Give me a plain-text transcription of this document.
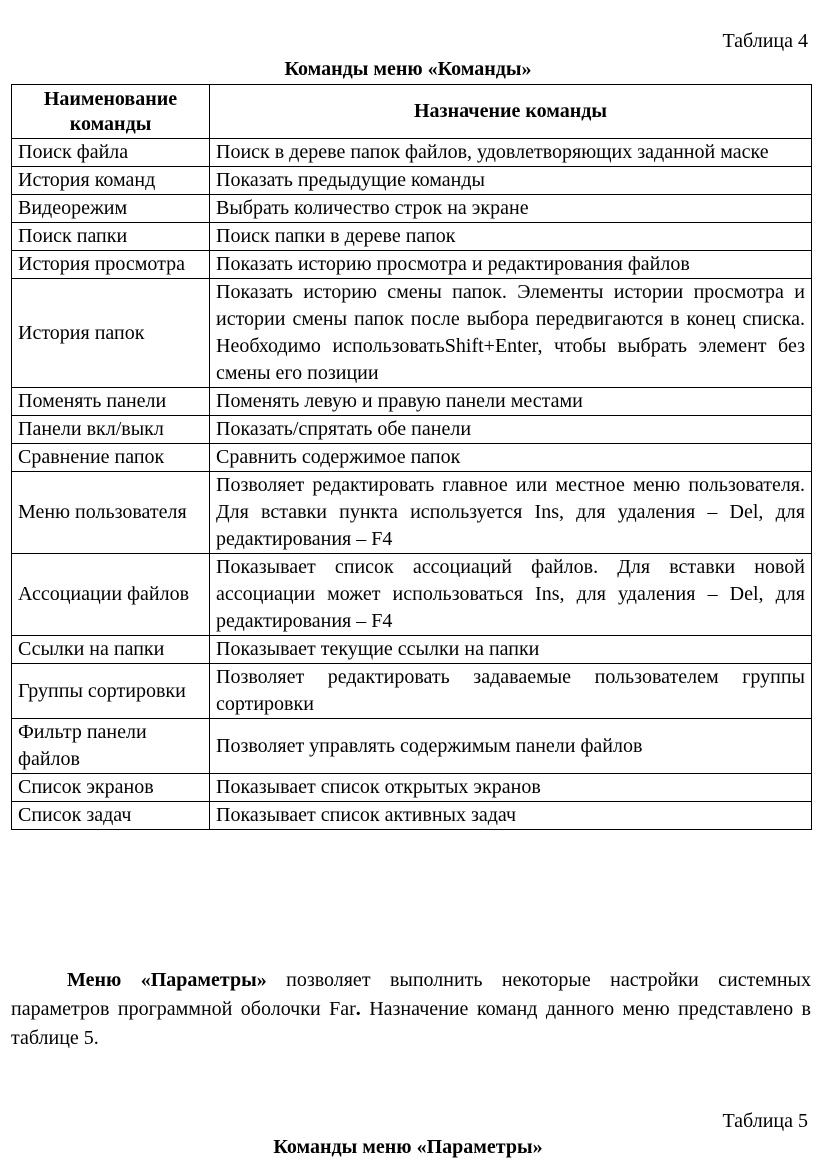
Таблица 4
Команды меню «Команды»
Наименование команды	Назначение команды
Поиск файла	Поиск в дереве папок файлов, удовлетворяющих заданной маске
История команд	Показать предыдущие команды
Видеорежим	Выбрать количество строк на экране
Поиск папки	Поиск папки в дереве папок
История просмотра	Показать историю просмотра и редактирования файлов
История папок	Показать историю смены папок. Элементы истории просмотра и истории смены папок после выбора передвигаются в конец списка. Необходимо использоватьShift+Enter, чтобы выбрать элемент без смены его позиции
Поменять панели	Поменять левую и правую панели местами
Панели вкл/выкл	Показать/спрятать обе панели
Сравнение папок	Сравнить содержимое папок
Меню пользователя	Позволяет редактировать главное или местное меню пользователя. Для вставки пункта используется Ins, для удаления – Del, для редактирования – F4
Ассоциации файлов	Показывает список ассоциаций файлов. Для вставки новой ассоциации может использоваться Ins, для удаления – Del, для редактирования – F4
Ссылки на папки	Показывает текущие ссылки на папки
Группы сортировки	Позволяет редактировать задаваемые пользователем группы сортировки
Фильтр панели файлов	Позволяет управлять содержимым панели файлов
Список экранов	Показывает список открытых экранов
Список задач	Показывает список активных задач

Меню «Параметры» позволяет выполнить некоторые настройки системных параметров программной оболочки Far. Назначение команд данного меню представлено в таблице 5.

Таблица 5
Команды меню «Параметры»
